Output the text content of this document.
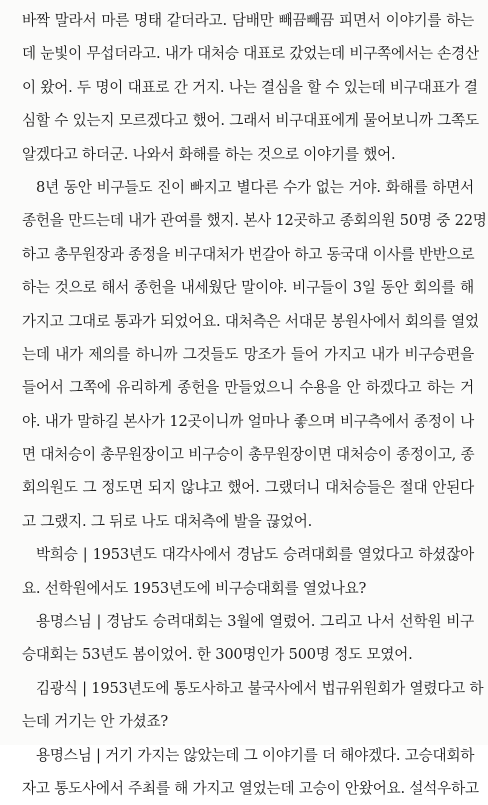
바짝 말라서 마른 명태 같더라고. 담배만 빼끔빼끔 피면서 이야기를 하는
데 눈빛이 무섭더라고. 내가 대처승 대표로 갔었는데 비구쪽에서는 손경산
이 왔어. 두 명이 대표로 간 거지. 나는 결심을 할 수 있는데 비구대표가 결
심할 수 있는지 모르겠다고 했어. 그래서 비구대표에게 물어보니까 그쪽도
알겠다고 하더군. 나와서 화해를 하는 것으로 이야기를 했어.
8년 동안 비구들도 진이 빠지고 별다른 수가 없는 거야. 화해를 하면서
종헌을 만드는데 내가 관여를 했지. 본사 12곳하고 종회의원 50명 중 22명
하고 총무원장과 종정을 비구대처가 번갈아 하고 동국대 이사를 반반으로
하는 것으로 해서 종헌을 내세웠단 말이야. 비구들이 3일 동안 회의를 해
가지고 그대로 통과가 되었어요. 대처측은 서대문 봉원사에서 회의를 열었
는데 내가 제의를 하니까 그것들도 망조가 들어 가지고 내가 비구승편을
들어서 그쪽에 유리하게 종헌을 만들었으니 수용을 안 하겠다고 하는 거
야. 내가 말하길 본사가 12곳이니까 얼마나 좋으며 비구측에서 종정이 나
면 대처승이 총무원장이고 비구승이 총무원장이면 대처승이 종정이고, 종
회의원도 그 정도면 되지 않냐고 했어. 그랬더니 대처승들은 절대 안된다
고 그랬지. 그 뒤로 나도 대처측에 발을 끊었어.
박희승 | 1953년도 대각사에서 경남도 승려대회를 열었다고 하셨잖아
요. 선학원에서도 1953년도에 비구승대회를 열었나요?
용명스님 | 경남도 승려대회는 3월에 열렸어. 그리고 나서 선학원 비구
승대회는 53년도 봄이었어. 한 300명인가 500명 정도 모였어.
김광식 | 1953년도에 통도사하고 불국사에서 법규위원회가 열렸다고 하
는데 거기는 안 가셨죠?
용명스님 | 거기 가지는 않았는데 그 이야기를 더 해야겠다. 고승대회하
자고 통도사에서 주최를 해 가지고 열었는데 고승이 안왔어요. 설석우하고
